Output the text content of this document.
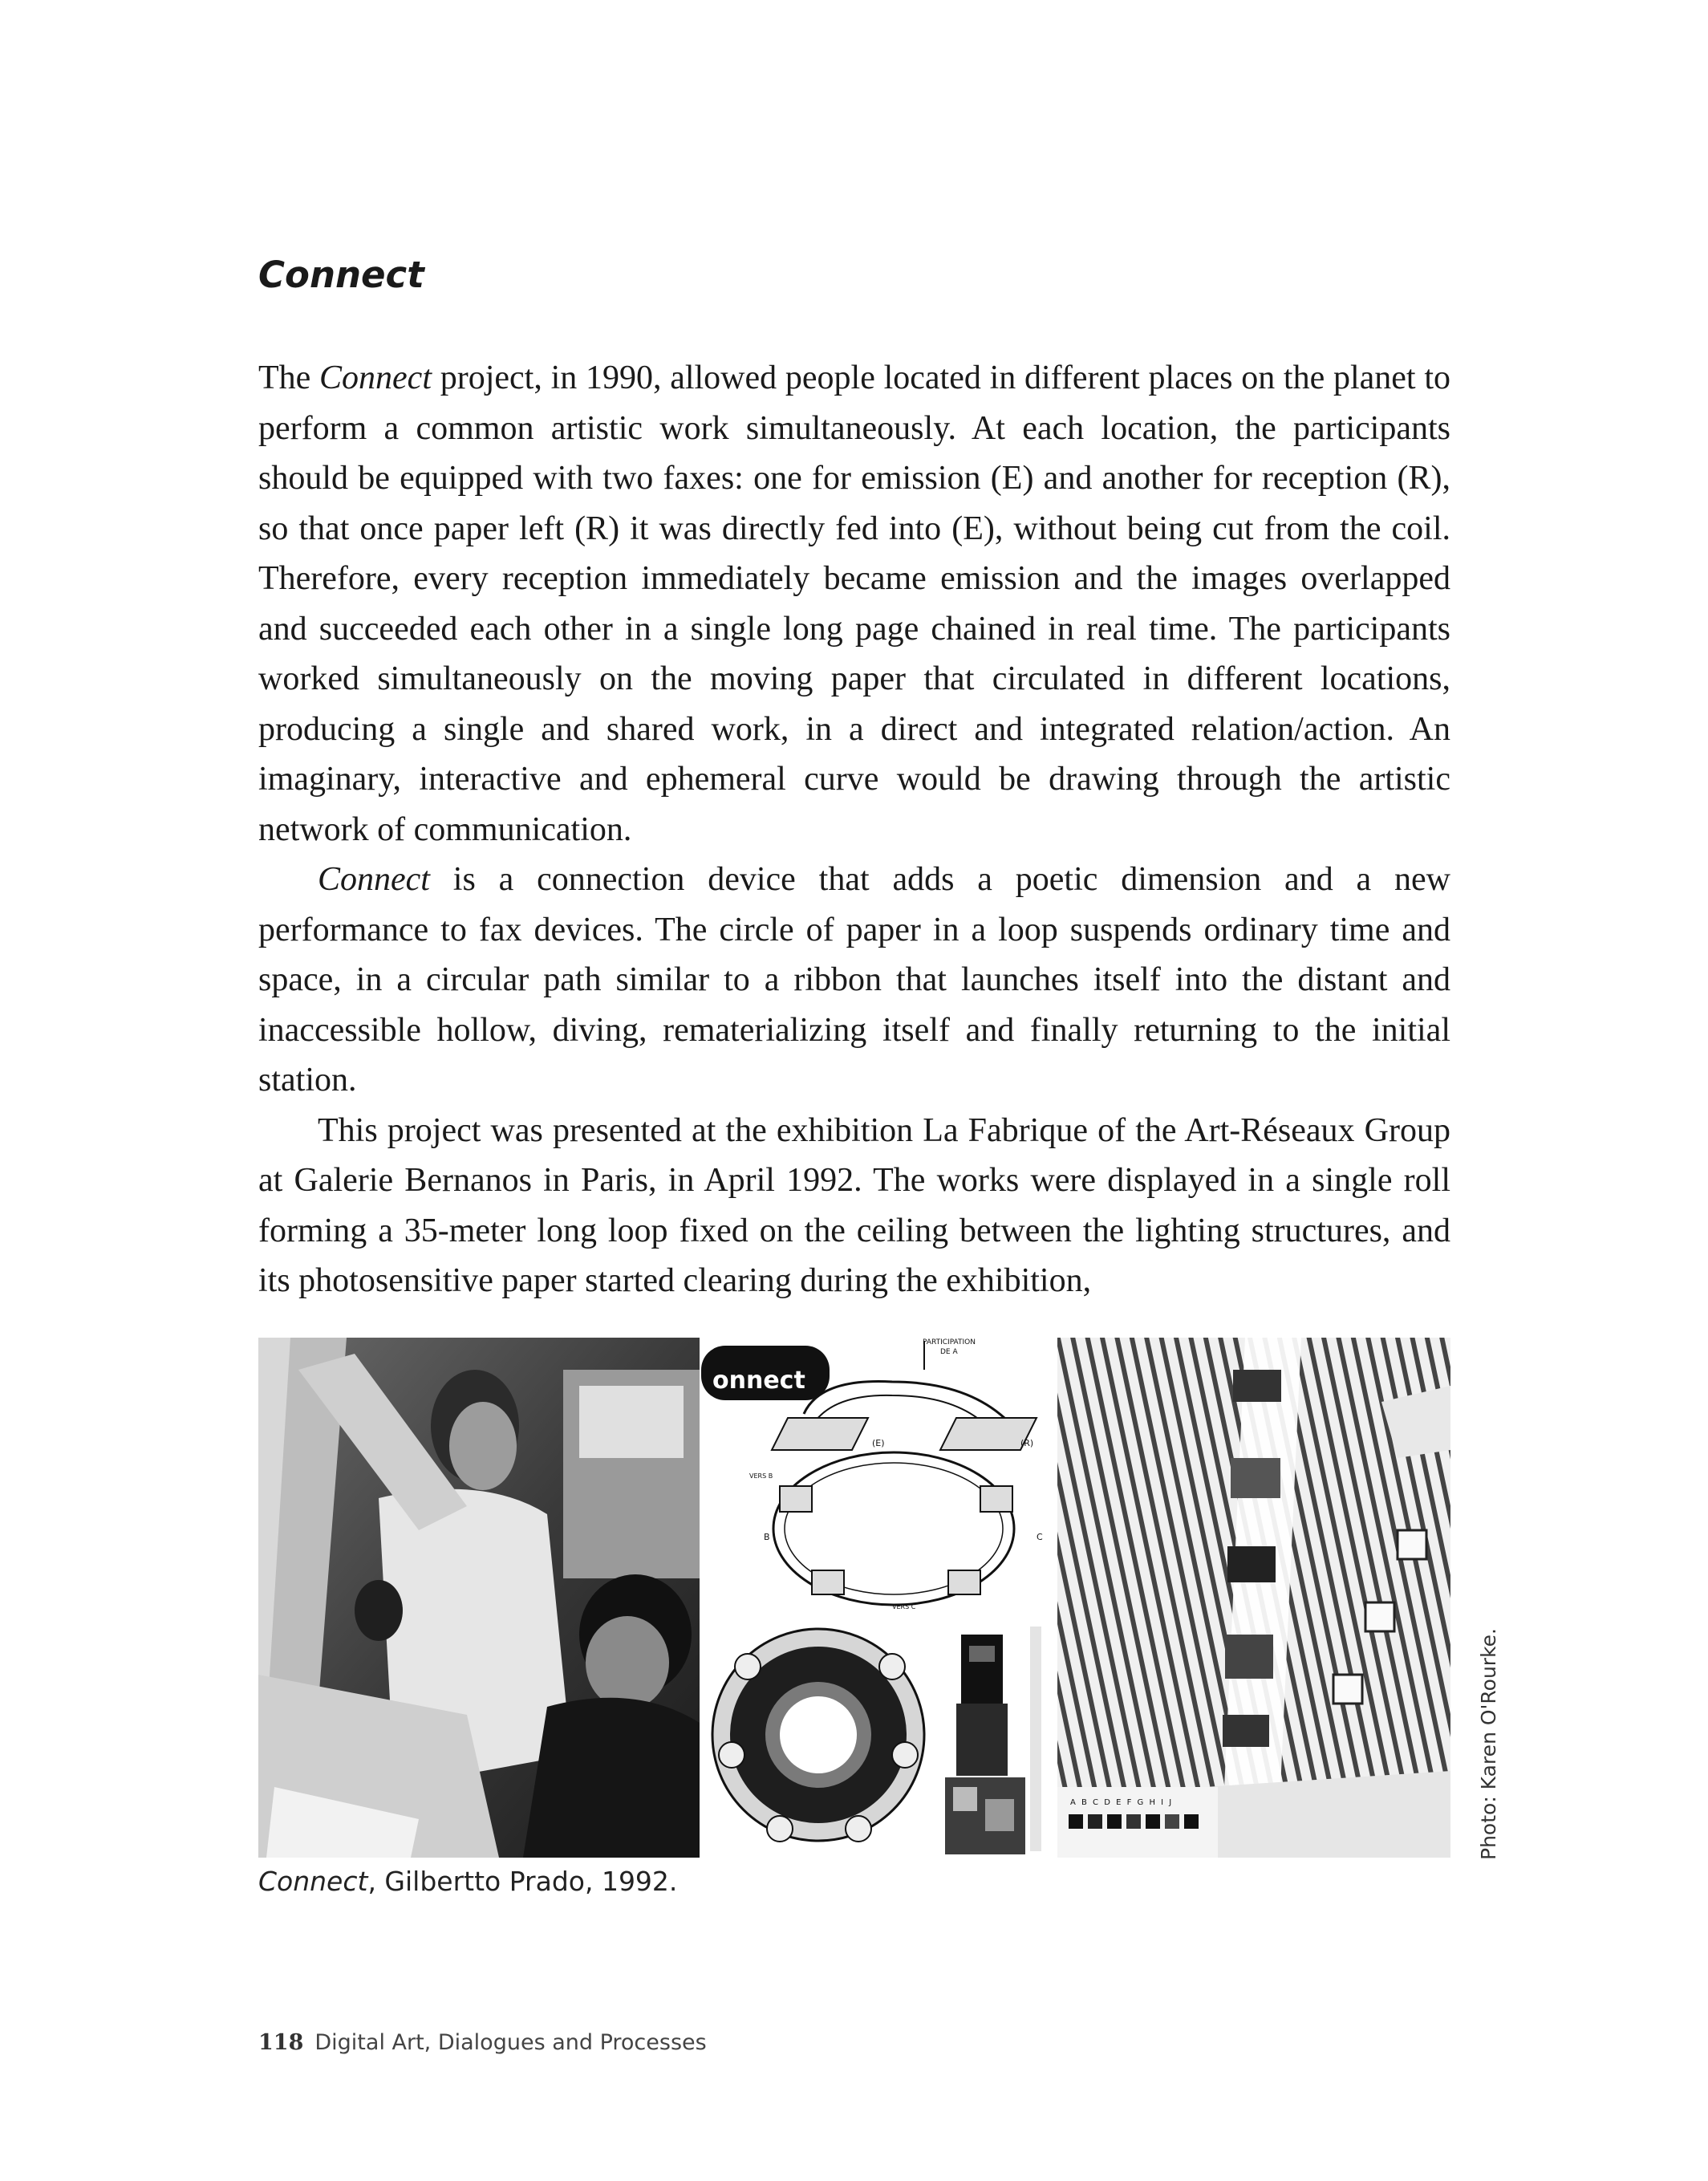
Connect

The Connect project, in 1990, allowed people located in different places on the planet to perform a common artistic work simultaneously. At each location, the participants should be equipped with two faxes: one for emission (E) and another for reception (R), so that once paper left (R) it was directly fed into (E), without being cut from the coil. Therefore, every reception immediately became emission and the images overlapped and succeeded each other in a single long page chained in real time. The participants worked simultaneously on the moving paper that circulated in different locations, producing a single and shared work, in a direct and integrated relation/action. An imaginary, interactive and ephemeral curve would be drawing through the artistic network of communication.

Connect is a connection device that adds a poetic dimension and a new performance to fax devices. The circle of paper in a loop suspends ordinary time and space, in a circular path similar to a ribbon that launches itself into the distant and inaccessible hollow, diving, rematerializing itself and finally returning to the initial station.

This project was presented at the exhibition La Fabrique of the Art-Réseaux Group at Galerie Bernanos in Paris, in April 1992. The works were displayed in a single roll forming a 35-meter long loop fixed on the ceiling between the lighting structures, and its photosensitive paper started clearing during the exhibition,

onnect
PARTICIPATION
DE A
(E)	(R)
B	C
VERS B
VERS C
A B C D E F G H I J

Connect, Gilbertto Prado, 1992.

Photo: Karen O'Rourke.

118 Digital Art, Dialogues and Processes
